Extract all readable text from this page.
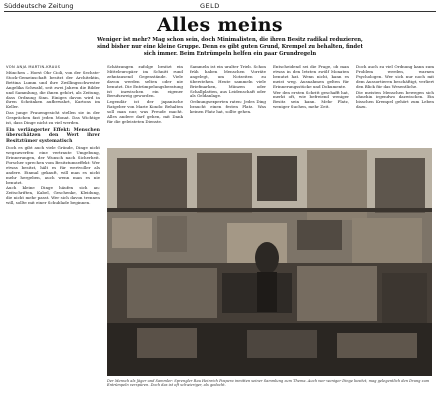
Süddeutsche Zeitung	GELD
Alles meins
Weniger ist mehr? Mag schon sein, doch Minimalisten, die ihren Besitz radikal reduzieren, sind bisher nur eine kleine Gruppe. Denn es gibt guten Grund, Krempel zu behalten, findet sich immer. Beim Entrümpeln helfen ein paar Grundregeln
VON ANJA MARTIN-KRAUS

München – Horst Ohr Cioli, von der Sechste-Stock-Gemeinschaft besitzt der Architektin, Bettina Lumm und ihre Zwillingsschwester Angelika Schwabl, seit zwei Jahren die Bilder und Sammlung, die ihnen gehört, als Zeitung, dass Ordnung Sinn. Einiges davon wird in ihren Schränken aufbewahrt, Kartons im Keller.

Das junge Frauengesicht stellen sie in der Gesprächen fast jeden Monat. Das Wichtige ist, dass Dinge nicht zu viel werden.

Ein verlängerter Effekt: Menschen überschätzen den Wert ihrer Besitztümer systematisch

Doch es gibt auch viele Gründe, Dinge nicht wegzuwerfen: eine vertraute Umgebung, Erinnerungen, der Wunsch nach Sicherheit. Forscher sprechen vom Besitztumseffekt: Wer etwas besitzt, hält es für wertvoller als andere. Einmal gekauft, will man es nicht mehr hergeben, auch wenn man es nie benutzt.

Auch kleine Dinge häufen sich an: Zeitschriften, Kabel, Geschenke, Kleidung, die nicht mehr passt. Wer sich davon trennen will, sollte mit einer Schublade beginnen.

Schätzungen zufolge besitzt ein Mitteleuropäer im Schnitt rund zehntausend Gegenstände. Viele davon werden selten oder nie benutzt. Die Entrümpelungsberatung ist inzwischen ein eigener Berufszweig geworden.

Legendär ist der japanische Ratgeber von Marie Kondo: Behalten soll man nur, was Freude macht. Alles andere darf gehen, mit Dank für die geleisteten Dienste.

Sammeln ist ein uralter Trieb. Schon früh haben Menschen Vorräte angelegt, um Notzeiten zu überstehen. Heute sammeln viele Briefmarken, Münzen oder Schallplatten, aus Leidenschaft oder als Geldanlage.

Ordnungsexperten raten: Jedes Ding braucht einen festen Platz. Was keinen Platz hat, sollte gehen.

Entscheidend sei die Frage, ob man etwas in den letzten zwölf Monaten benutzt hat. Wenn nicht, kann es meist weg. Ausnahmen gelten für Erinnerungsstücke und Dokumente.

Wer den ersten Schritt geschafft hat, merkt oft, wie befreiend weniger Besitz sein kann. Mehr Platz, weniger Suchen, mehr Zeit.

Doch auch zu viel Ordnung kann zum Problem werden, warnen Psychologen. Wer sich nur noch mit dem Aussortieren beschäftigt, verliert den Blick für das Wesentliche.

Die meisten Menschen bewegen sich ohnehin irgendwo dazwischen. Ein bisschen Krempel gehört zum Leben dazu.

Der Mensch als Jäger und Sammler: Sprengler Rau Heinrich Pospera inmitten seiner Sammlung zum Thema. Auch wer weniger Dinge besitzt, mag gelegentlich den Drang zum Entrümpeln verspüren. Doch das ist oft schwieriger, als gedacht.
